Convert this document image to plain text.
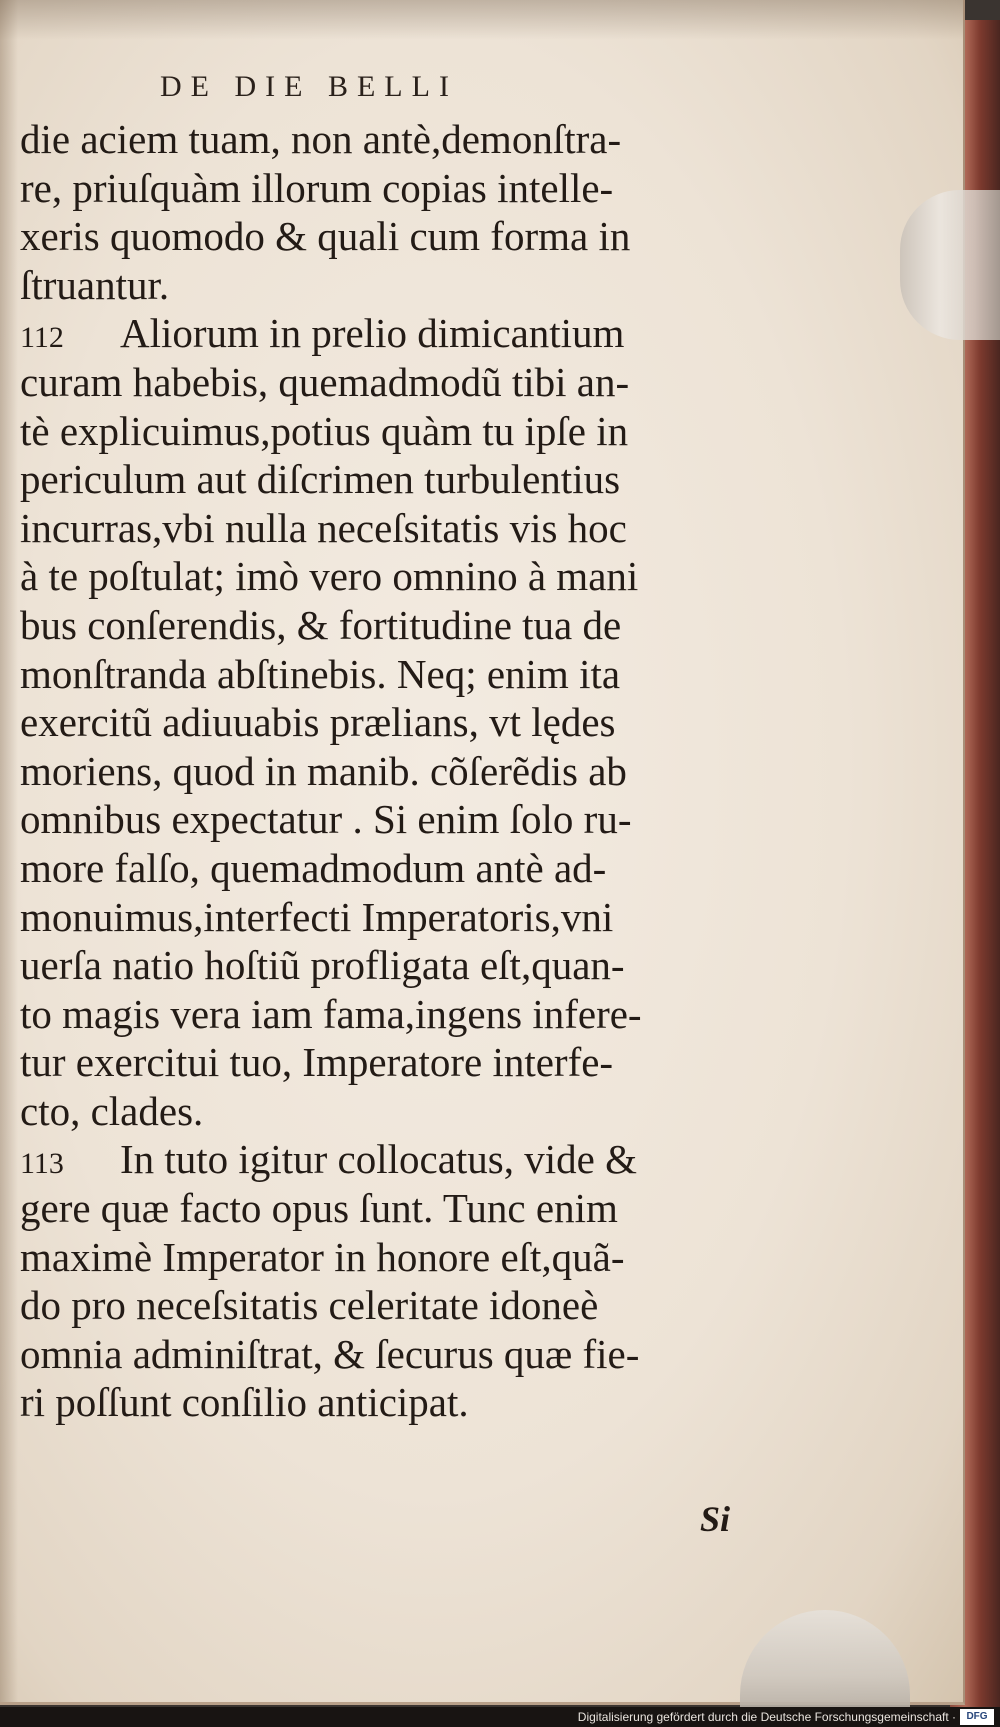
DE DIE BELLI
die aciem tuam, non antè,demonſtra-
re, priuſquàm illorum copias intelle-
xeris quomodo & quali cum forma in
ſtruantur.
112 Aliorum in prelio dimicantium
curam habebis, quemadmodũ tibi an-
tè explicuimus,potius quàm tu ipſe in
periculum aut diſcrimen turbulentius
incurras,vbi nulla neceſsitatis vis hoc
à te poſtulat; imò vero omnino à mani
bus conſerendis, & fortitudine tua de
monſtranda abſtinebis. Neq; enim ita
exercitũ adiuuabis prælians, vt lędes
moriens, quod in manib. cõſerẽdis ab
omnibus expectatur . Si enim ſolo ru-
more falſo, quemadmodum antè ad-
monuimus,interfecti Imperatoris,vni
uerſa natio hoſtiũ profligata eſt,quan-
to magis vera iam fama,ingens infere-
tur exercitui tuo, Imperatore interfe-
cto, clades.
113 In tuto igitur collocatus, vide &
gere quæ facto opus ſunt. Tunc enim
maximè Imperator in honore eſt,quã-
do pro neceſsitatis celeritate idoneè
omnia adminiſtrat, & ſecurus quæ fie-
ri poſſunt conſilio anticipat.
Si
Digitalisierung gefördert durch die Deutsche Forschungsgemeinschaft ·	DFG
